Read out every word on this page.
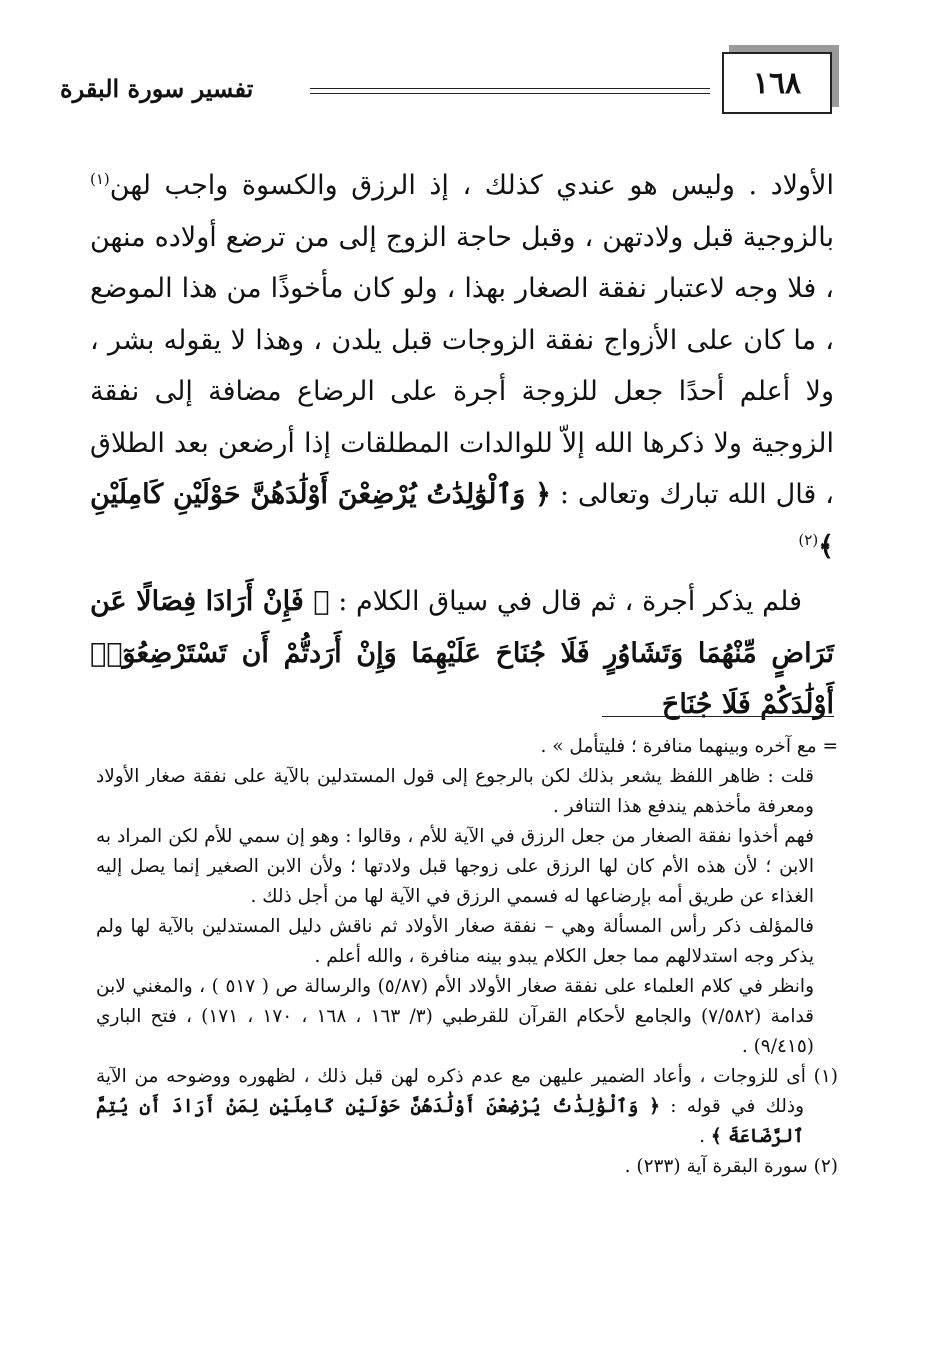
١٦٨
تفسير سورة البقرة

الأولاد . وليس هو عندي كذلك ، إذ الرزق والكسوة واجب لهن$^{(١)}$ بالزوجية قبل ولادتهن ، وقبل حاجة الزوج إلى من ترضع أولاده منهن ، فلا وجه لاعتبار نفقة الصغار بهذا ، ولو كان مأخوذًا من هذا الموضع ، ما كان على الأزواج نفقة الزوجات قبل يلدن ، وهذا لا يقوله بشر ، ولا أعلم أحدًا جعل للزوجة أجرة على الرضاع مضافة إلى نفقة الزوجية ولا ذكرها الله إلاّ للوالدات المطلقات إذا أرضعن بعد الطلاق ، قال الله تبارك وتعالى : ﴿ وَٱلْوَٰلِدَٰتُ يُرْضِعْنَ أَوْلَٰدَهُنَّ حَوْلَيْنِ كَامِلَيْنِ ﴾$^{(٢)}$

فلم يذكر أجرة ، ثم قال في سياق الكلام : ﴿ فَإِنْ أَرَادَا فِصَالًا عَن تَرَاضٍ مِّنْهُمَا وَتَشَاوُرٍ فَلَا جُنَاحَ عَلَيْهِمَا وَإِنْ أَرَدتُّمْ أَن تَسْتَرْضِعُوٓا۟ أَوْلَٰدَكُمْ فَلَا جُنَاحَ

= مع آخره وبينهما منافرة ؛ فليتأمل » .

قلت : ظاهر اللفظ يشعر بذلك لكن بالرجوع إلى قول المستدلين بالآية على نفقة صغار الأولاد ومعرفة مأخذهم يندفع هذا التنافر .

فهم أخذوا نفقة الصغار من جعل الرزق في الآية للأم ، وقالوا : وهو إن سمي للأم لكن المراد به الابن ؛ لأن هذه الأم كان لها الرزق على زوجها قبل ولادتها ؛ ولأن الابن الصغير إنما يصل إليه الغذاء عن طريق أمه بإرضاعها له فسمي الرزق في الآية لها من أجل ذلك .

فالمؤلف ذكر رأس المسألة وهي – نفقة صغار الأولاد ثم ناقش دليل المستدلين بالآية لها ولم يذكر وجه استدلالهم مما جعل الكلام يبدو بينه منافرة ، والله أعلم .

وانظر في كلام العلماء على نفقة صغار الأولاد الأم (٥/٨٧) والرسالة ص ( ٥١٧ ) ، والمغني لابن قدامة (٧/٥٨٢) والجامع لأحكام القرآن للقرطبي (٣/ ١٦٣ ، ١٦٨ ، ١٧٠ ، ١٧١) ، فتح الباري (٩/٤١٥) .

(١) أى للزوجات ، وأعاد الضمير عليهن مع عدم ذكره لهن قبل ذلك ، لظهوره ووضوحه من الآية وذلك في قوله : ﴿ وَٱلْوَٰلِدَٰتُ يُرْضِعْنَ أَوْلَٰدَهُنَّ حَوْلَيْنِ كَامِلَيْنِ لِمَنْ أَرَادَ أَن يُتِمَّ ٱلرَّضَاعَةَ ﴾ .

(٢) سورة البقرة آية (٢٣٣) .
